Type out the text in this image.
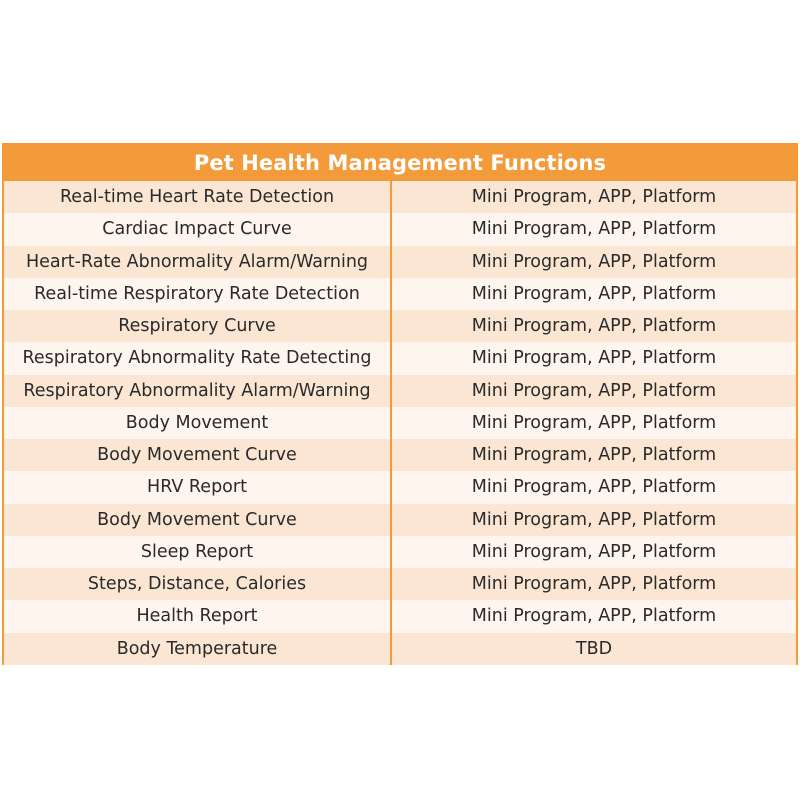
Pet Health Management Functions
Real-time Heart Rate Detection	Mini Program, APP, Platform
Cardiac Impact Curve	Mini Program, APP, Platform
Heart-Rate Abnormality Alarm/Warning	Mini Program, APP, Platform
Real-time Respiratory Rate Detection	Mini Program, APP, Platform
Respiratory Curve	Mini Program, APP, Platform
Respiratory Abnormality Rate Detecting	Mini Program, APP, Platform
Respiratory Abnormality Alarm/Warning	Mini Program, APP, Platform
Body Movement	Mini Program, APP, Platform
Body Movement Curve	Mini Program, APP, Platform
HRV Report	Mini Program, APP, Platform
Body Movement Curve	Mini Program, APP, Platform
Sleep Report	Mini Program, APP, Platform
Steps, Distance, Calories	Mini Program, APP, Platform
Health Report	Mini Program, APP, Platform
Body Temperature	TBD
